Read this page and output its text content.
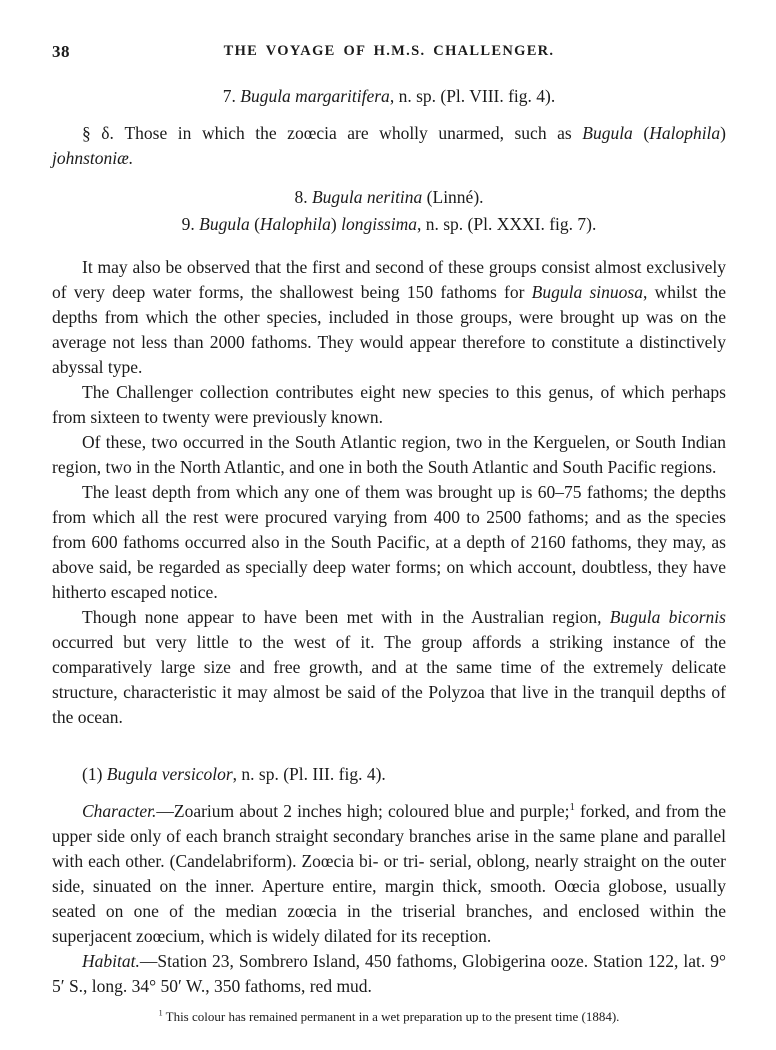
38	THE VOYAGE OF H.M.S. CHALLENGER.

7. Bugula margaritifera, n. sp. (Pl. VIII. fig. 4).

§ δ. Those in which the zoœcia are wholly unarmed, such as Bugula (Halophila) johnstoniæ.

8. Bugula neritina (Linné).

9. Bugula (Halophila) longissima, n. sp. (Pl. XXXI. fig. 7).

It may also be observed that the first and second of these groups consist almost exclusively of very deep water forms, the shallowest being 150 fathoms for Bugula sinuosa, whilst the depths from which the other species, included in those groups, were brought up was on the average not less than 2000 fathoms. They would appear therefore to constitute a distinctively abyssal type.

The Challenger collection contributes eight new species to this genus, of which perhaps from sixteen to twenty were previously known.

Of these, two occurred in the South Atlantic region, two in the Kerguelen, or South Indian region, two in the North Atlantic, and one in both the South Atlantic and South Pacific regions.

The least depth from which any one of them was brought up is 60–75 fathoms; the depths from which all the rest were procured varying from 400 to 2500 fathoms; and as the species from 600 fathoms occurred also in the South Pacific, at a depth of 2160 fathoms, they may, as above said, be regarded as specially deep water forms; on which account, doubtless, they have hitherto escaped notice.

Though none appear to have been met with in the Australian region, Bugula bicornis occurred but very little to the west of it. The group affords a striking instance of the comparatively large size and free growth, and at the same time of the extremely delicate structure, characteristic it may almost be said of the Polyzoa that live in the tranquil depths of the ocean.

(1) Bugula versicolor, n. sp. (Pl. III. fig. 4).

Character.—Zoarium about 2 inches high; coloured blue and purple;$^1$ forked, and from the upper side only of each branch straight secondary branches arise in the same plane and parallel with each other. (Candelabriform). Zoœcia bi- or tri- serial, oblong, nearly straight on the outer side, sinuated on the inner. Aperture entire, margin thick, smooth. Oœcia globose, usually seated on one of the median zoœcia in the triserial branches, and enclosed within the superjacent zoœcium, which is widely dilated for its reception.

Habitat.—Station 23, Sombrero Island, 450 fathoms, Globigerina ooze. Station 122, lat. 9° 5′ S., long. 34° 50′ W., 350 fathoms, red mud.

$^1$ This colour has remained permanent in a wet preparation up to the present time (1884).
